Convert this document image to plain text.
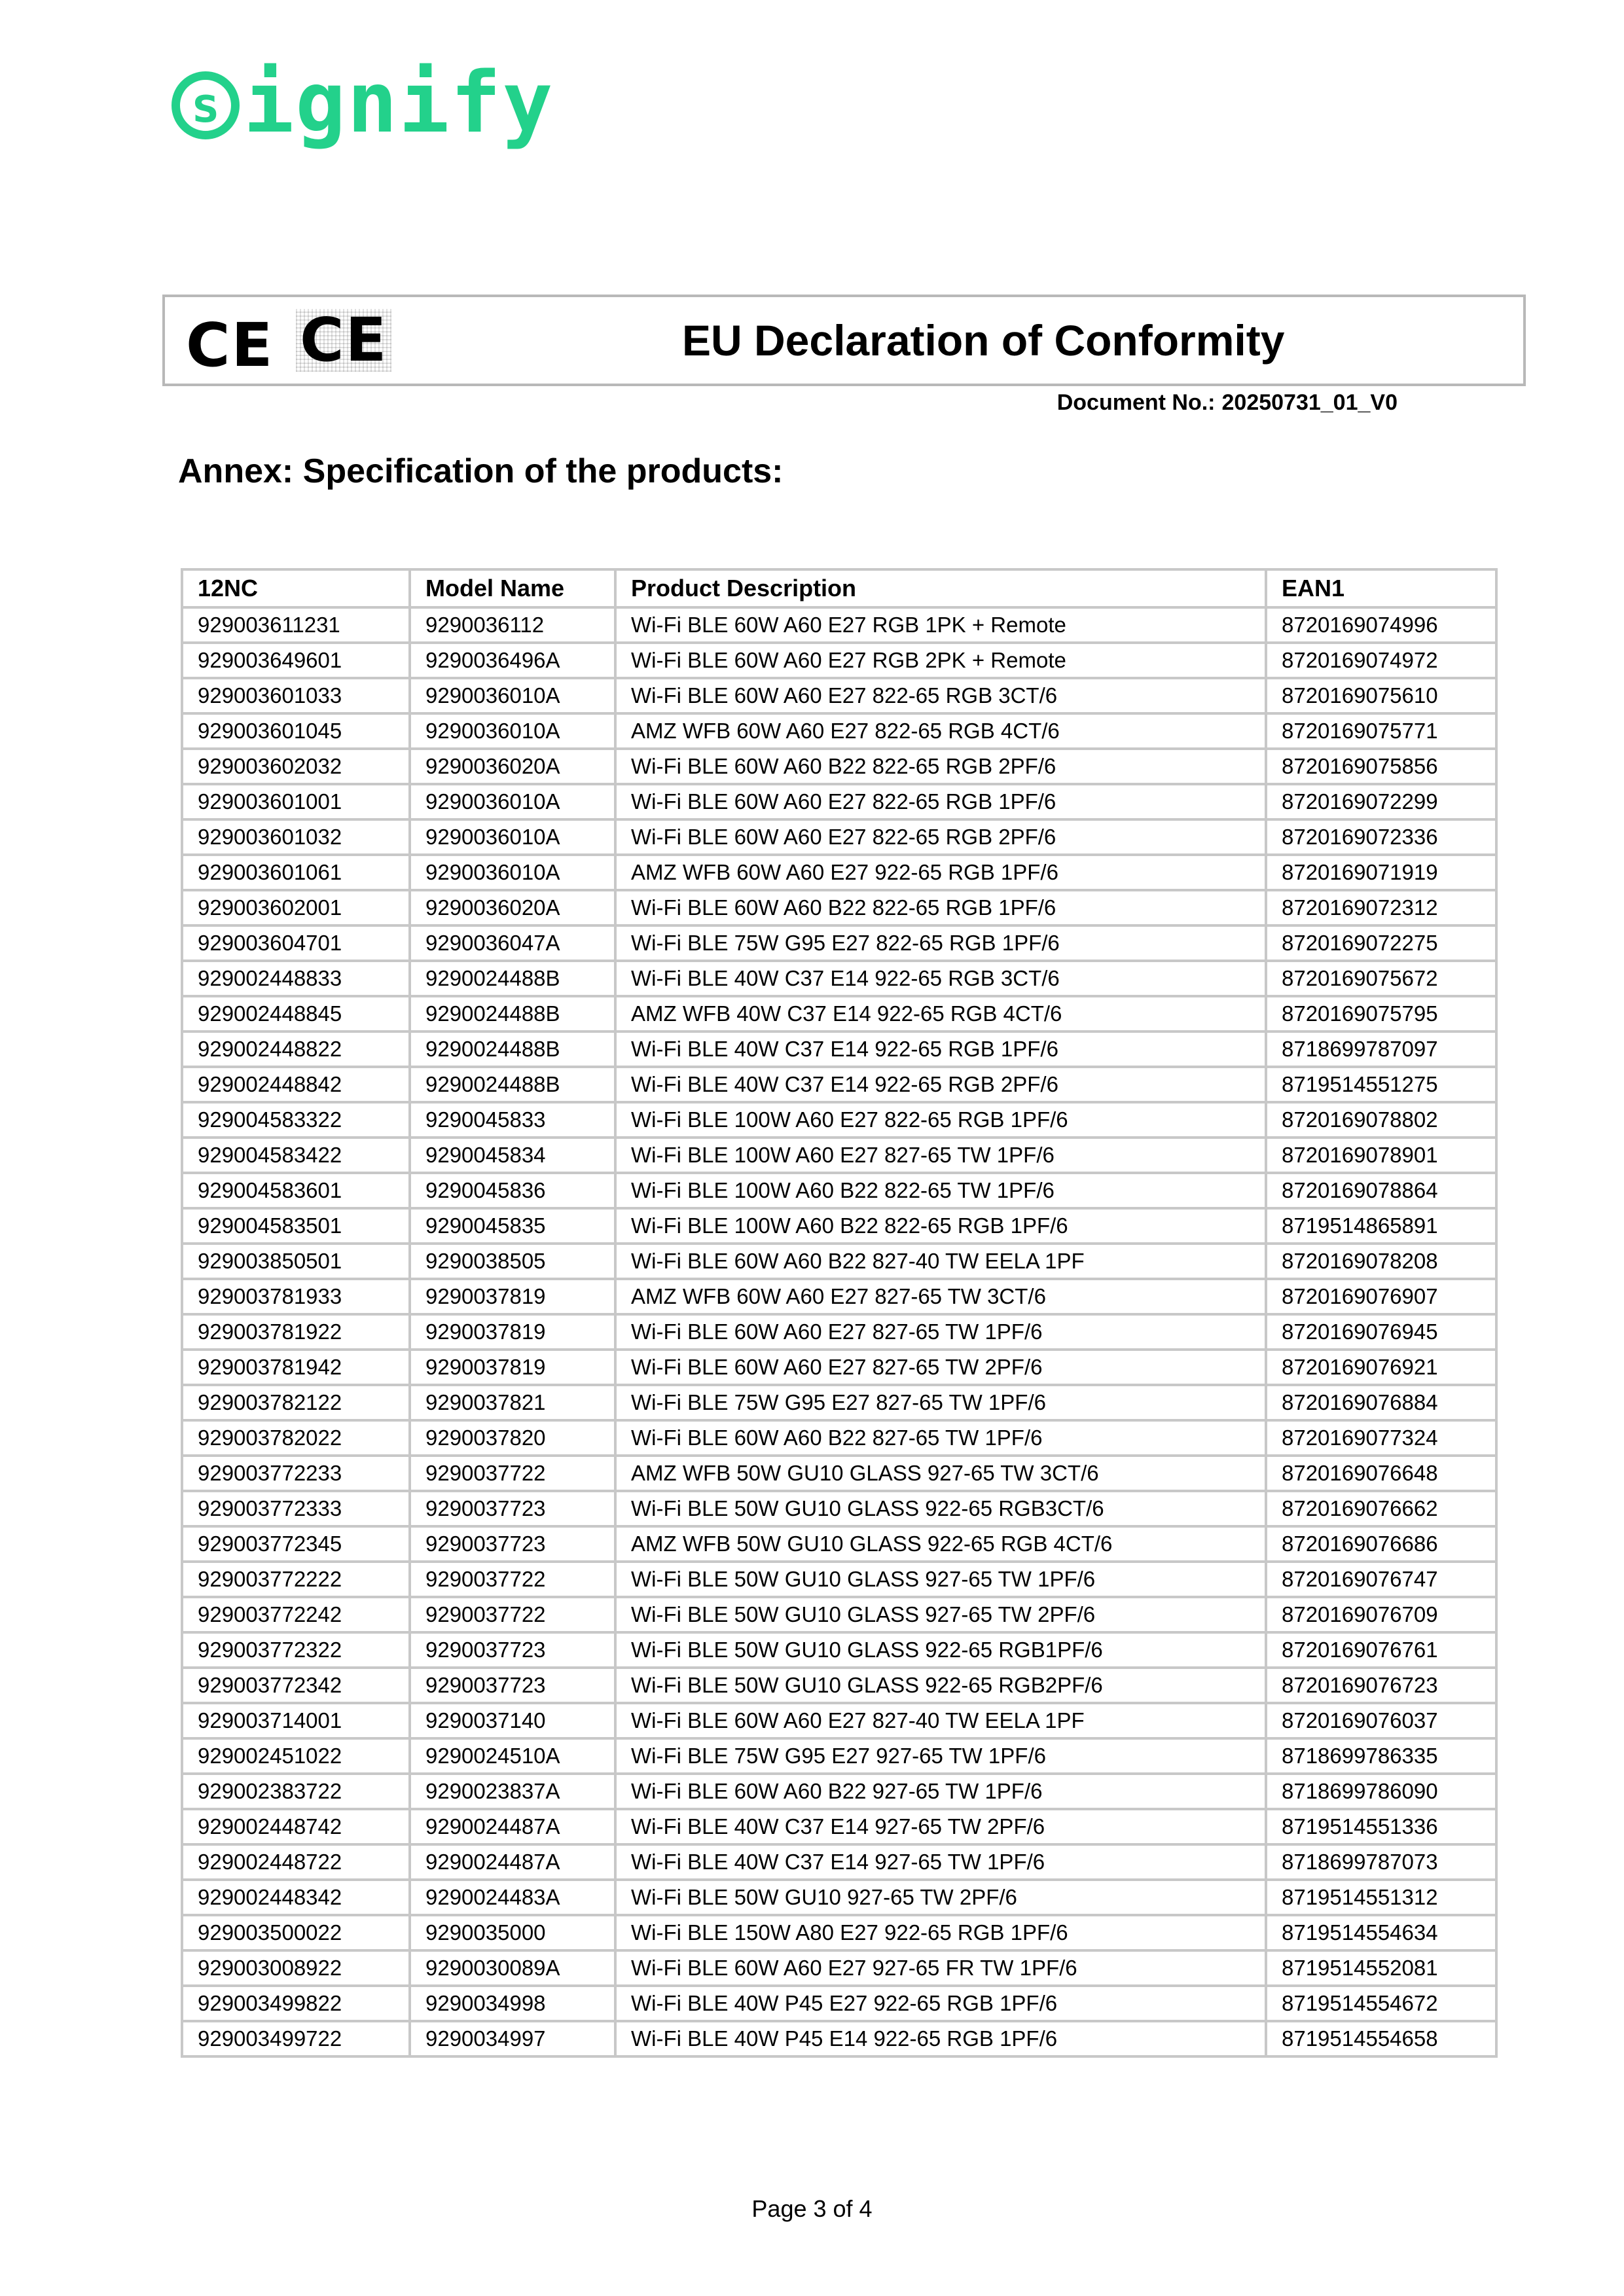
s ignify
CE CE	EU Declaration of Conformity
Document No.: 20250731_01_V0
Annex: Specification of the products:
12NC	Model Name	Product Description	EAN1
929003611231	9290036112	Wi-Fi BLE 60W A60 E27 RGB 1PK + Remote	8720169074996
929003649601	9290036496A	Wi-Fi BLE 60W A60 E27 RGB 2PK + Remote	8720169074972
929003601033	9290036010A	Wi-Fi BLE 60W A60 E27 822-65 RGB 3CT/6	8720169075610
929003601045	9290036010A	AMZ WFB 60W A60 E27 822-65 RGB 4CT/6	8720169075771
929003602032	9290036020A	Wi-Fi BLE 60W A60 B22 822-65 RGB 2PF/6	8720169075856
929003601001	9290036010A	Wi-Fi BLE 60W A60 E27 822-65 RGB 1PF/6	8720169072299
929003601032	9290036010A	Wi-Fi BLE 60W A60 E27 822-65 RGB 2PF/6	8720169072336
929003601061	9290036010A	AMZ WFB 60W A60 E27 922-65 RGB 1PF/6	8720169071919
929003602001	9290036020A	Wi-Fi BLE 60W A60 B22 822-65 RGB 1PF/6	8720169072312
929003604701	9290036047A	Wi-Fi BLE 75W G95 E27 822-65 RGB 1PF/6	8720169072275
929002448833	9290024488B	Wi-Fi BLE 40W C37 E14 922-65 RGB 3CT/6	8720169075672
929002448845	9290024488B	AMZ WFB 40W C37 E14 922-65 RGB 4CT/6	8720169075795
929002448822	9290024488B	Wi-Fi BLE 40W C37 E14 922-65 RGB 1PF/6	8718699787097
929002448842	9290024488B	Wi-Fi BLE 40W C37 E14 922-65 RGB 2PF/6	8719514551275
929004583322	9290045833	Wi-Fi BLE 100W A60 E27 822-65 RGB 1PF/6	8720169078802
929004583422	9290045834	Wi-Fi BLE 100W A60 E27 827-65 TW 1PF/6	8720169078901
929004583601	9290045836	Wi-Fi BLE 100W A60 B22 822-65 TW 1PF/6	8720169078864
929004583501	9290045835	Wi-Fi BLE 100W A60 B22 822-65 RGB 1PF/6	8719514865891
929003850501	9290038505	Wi-Fi BLE 60W A60 B22 827-40 TW EELA 1PF	8720169078208
929003781933	9290037819	AMZ WFB 60W A60 E27 827-65 TW 3CT/6	8720169076907
929003781922	9290037819	Wi-Fi BLE 60W A60 E27 827-65 TW 1PF/6	8720169076945
929003781942	9290037819	Wi-Fi BLE 60W A60 E27 827-65 TW 2PF/6	8720169076921
929003782122	9290037821	Wi-Fi BLE 75W G95 E27 827-65 TW 1PF/6	8720169076884
929003782022	9290037820	Wi-Fi BLE 60W A60 B22 827-65 TW 1PF/6	8720169077324
929003772233	9290037722	AMZ WFB 50W GU10 GLASS 927-65 TW 3CT/6	8720169076648
929003772333	9290037723	Wi-Fi BLE 50W GU10 GLASS 922-65 RGB3CT/6	8720169076662
929003772345	9290037723	AMZ WFB 50W GU10 GLASS 922-65 RGB 4CT/6	8720169076686
929003772222	9290037722	Wi-Fi BLE 50W GU10 GLASS 927-65 TW 1PF/6	8720169076747
929003772242	9290037722	Wi-Fi BLE 50W GU10 GLASS 927-65 TW 2PF/6	8720169076709
929003772322	9290037723	Wi-Fi BLE 50W GU10 GLASS 922-65 RGB1PF/6	8720169076761
929003772342	9290037723	Wi-Fi BLE 50W GU10 GLASS 922-65 RGB2PF/6	8720169076723
929003714001	9290037140	Wi-Fi BLE 60W A60 E27 827-40 TW EELA 1PF	8720169076037
929002451022	9290024510A	Wi-Fi BLE 75W G95 E27 927-65 TW 1PF/6	8718699786335
929002383722	9290023837A	Wi-Fi BLE 60W A60 B22 927-65 TW 1PF/6	8718699786090
929002448742	9290024487A	Wi-Fi BLE 40W C37 E14 927-65 TW 2PF/6	8719514551336
929002448722	9290024487A	Wi-Fi BLE 40W C37 E14 927-65 TW 1PF/6	8718699787073
929002448342	9290024483A	Wi-Fi BLE 50W GU10 927-65 TW 2PF/6	8719514551312
929003500022	9290035000	Wi-Fi BLE 150W A80 E27 922-65 RGB 1PF/6	8719514554634
929003008922	9290030089A	Wi-Fi BLE 60W A60 E27 927-65 FR TW 1PF/6	8719514552081
929003499822	9290034998	Wi-Fi BLE 40W P45 E27 922-65 RGB 1PF/6	8719514554672
929003499722	9290034997	Wi-Fi BLE 40W P45 E14 922-65 RGB 1PF/6	8719514554658
Page 3 of 4
